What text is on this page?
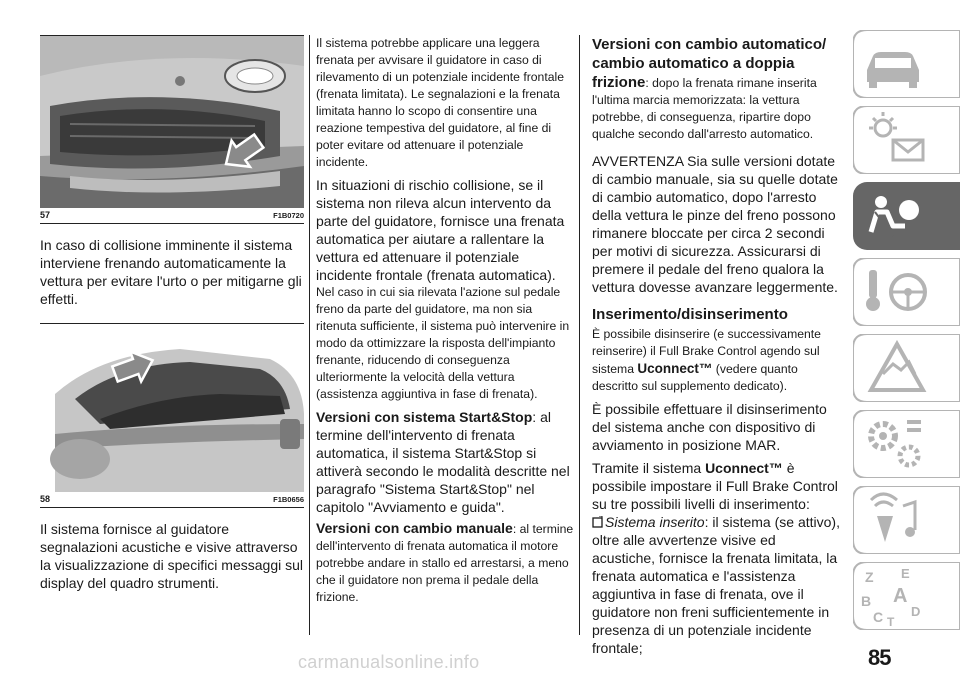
57	F1B0720

In caso di collisione imminente il sistema interviene frenando automaticamente la vettura per evitare l'urto o per mitigarne gli effetti.

58	F1B0656

Il sistema fornisce al guidatore segnalazioni acustiche e visive attraverso la visualizzazione di specifici messaggi sul display del quadro strumenti.

Il sistema potrebbe applicare una leggera frenata per avvisare il guidatore in caso di rilevamento di un potenziale incidente frontale (frenata limitata). Le segnalazioni e la frenata limitata hanno lo scopo di consentire una reazione tempestiva del guidatore, al fine di poter evitare od attenuare il potenziale incidente.

In situazioni di rischio collisione, se il sistema non rileva alcun intervento da parte del guidatore, fornisce una frenata automatica per aiutare a rallentare la vettura ed attenuare il potenziale incidente frontale (frenata automatica).

Nel caso in cui sia rilevata l'azione sul pedale freno da parte del guidatore, ma non sia ritenuta sufficiente, il sistema può intervenire in modo da ottimizzare la risposta dell'impianto frenante, riducendo di conseguenza ulteriormente la velocità della vettura (assistenza aggiuntiva in fase di frenata).

Versioni con sistema Start&Stop: al termine dell'intervento di frenata automatica, il sistema Start&Stop si attiverà secondo le modalità descritte nel paragrafo "Sistema Start&Stop" nel capitolo "Avviamento e guida".

Versioni con cambio manuale: al termine dell'intervento di frenata automatica il motore potrebbe andare in stallo ed arrestarsi, a meno che il guidatore non prema il pedale della frizione.

Versioni con cambio automatico/ cambio automatico a doppia frizione: dopo la frenata rimane inserita l'ultima marcia memorizzata: la vettura potrebbe, di conseguenza, ripartire dopo qualche secondo dall'arresto automatico.

AVVERTENZA Sia sulle versioni dotate di cambio manuale, sia su quelle dotate di cambio automatico, dopo l'arresto della vettura le pinze del freno possono rimanere bloccate per circa 2 secondi per motivi di sicurezza. Assicurarsi di premere il pedale del freno qualora la vettura dovesse avanzare leggermente.

Inserimento/disinserimento

È possibile disinserire (e successivamente reinserire) il Full Brake Control agendo sul sistema Uconnect™ (vedere quanto descritto sul supplemento dedicato).

È possibile effettuare il disinserimento del sistema anche con dispositivo di avviamento in posizione MAR.

Tramite il sistema Uconnect™ è possibile impostare il Full Brake Control su tre possibili livelli di inserimento:

Sistema inserito: il sistema (se attivo), oltre alle avvertenze visive ed acustiche, fornisce la frenata limitata, la frenata automatica e l'assistenza aggiuntiva in fase di frenata, ove il guidatore non freni sufficientemente in presenza di un potenziale incidente frontale;

Z E
B A
C T
D
85
carmanualsonline.info
